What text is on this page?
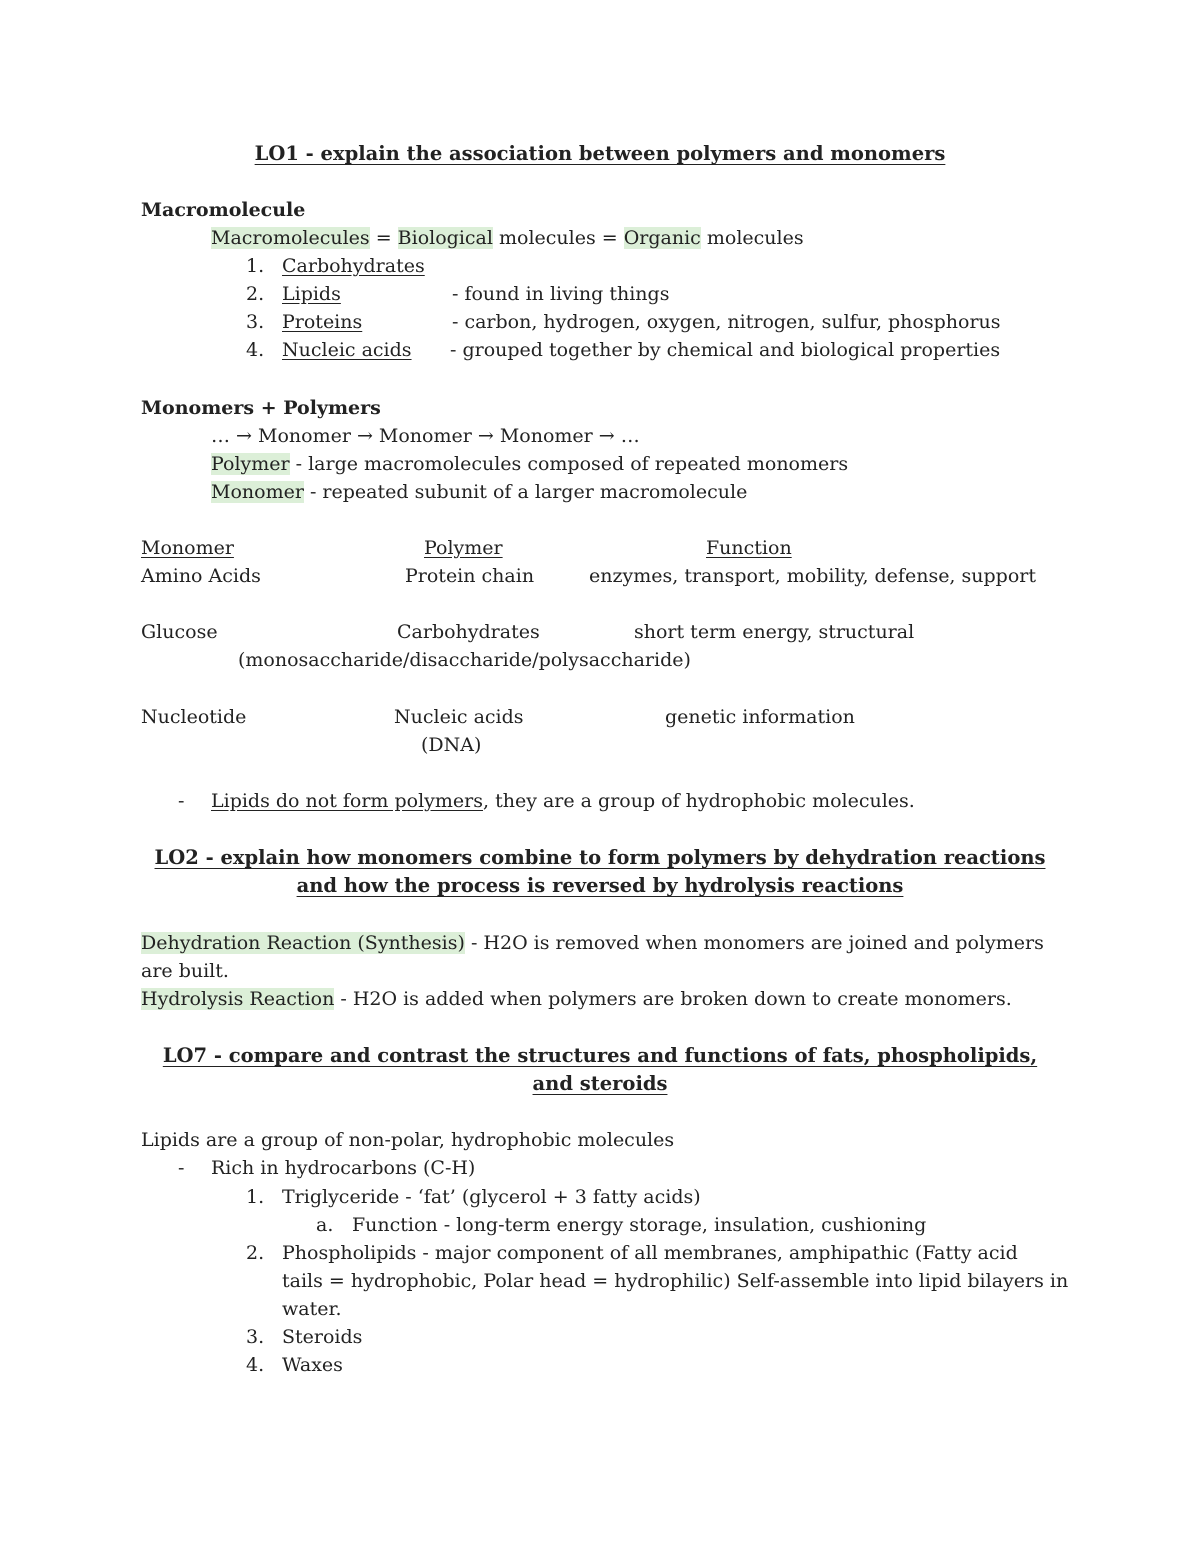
LO1 - explain the association between polymers and monomers
Macromolecule
Macromolecules = Biological molecules = Organic molecules
1. Carbohydrates
2. Lipids	- found in living things
3. Proteins	- carbon, hydrogen, oxygen, nitrogen, sulfur, phosphorus
4. Nucleic acids - grouped together by chemical and biological properties
Monomers + Polymers
… → Monomer → Monomer → Monomer → …
Polymer - large macromolecules composed of repeated monomers
Monomer - repeated subunit of a larger macromolecule
Monomer	Polymer	Function
Amino Acids	Protein chain	enzymes, transport, mobility, defense, support
Glucose	Carbohydrates	short term energy, structural
(monosaccharide/disaccharide/polysaccharide)
Nucleotide	Nucleic acids	genetic information
(DNA)
- Lipids do not form polymers, they are a group of hydrophobic molecules.
LO2 - explain how monomers combine to form polymers by dehydration reactions
and how the process is reversed by hydrolysis reactions
Dehydration Reaction (Synthesis) - H2O is removed when monomers are joined and polymers
are built.
Hydrolysis Reaction - H2O is added when polymers are broken down to create monomers.
LO7 - compare and contrast the structures and functions of fats, phospholipids,
and steroids
Lipids are a group of non-polar, hydrophobic molecules
- Rich in hydrocarbons (C-H)
1. Triglyceride - ‘fat’ (glycerol + 3 fatty acids)
a. Function - long-term energy storage, insulation, cushioning
2. Phospholipids - major component of all membranes, amphipathic (Fatty acid
tails = hydrophobic, Polar head = hydrophilic) Self-assemble into lipid bilayers in
water.
3. Steroids
4. Waxes
